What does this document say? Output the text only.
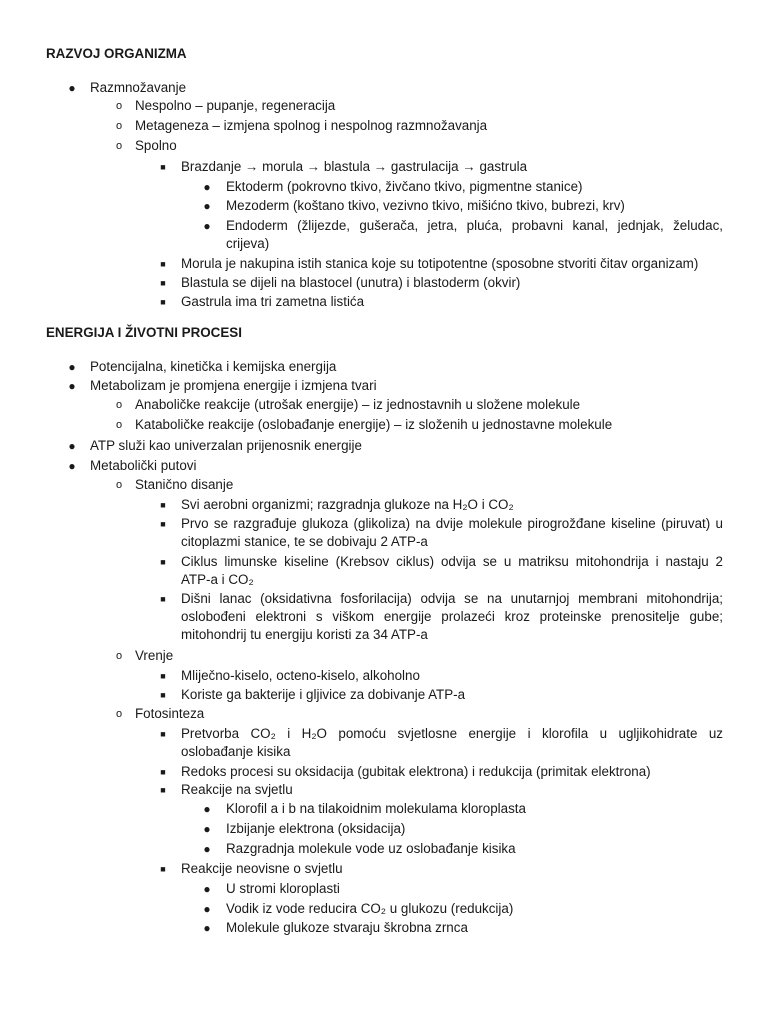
RAZVOJ ORGANIZMA
● Razmnožavanje
o Nespolno – pupanje, regeneracija
o Metageneza – izmjena spolnog i nespolnog razmnožavanja
o Spolno
■ Brazdanje → morula → blastula → gastrulacija → gastrula
● Ektoderm (pokrovno tkivo, živčano tkivo, pigmentne stanice)
● Mezoderm (koštano tkivo, vezivno tkivo, mišićno tkivo, bubrezi, krv)
● Endoderm (žlijezde, gušerača, jetra, pluća, probavni kanal, jednjak, želudac,
crijeva)
■ Morula je nakupina istih stanica koje su totipotentne (sposobne stvoriti čitav organizam)
■ Blastula se dijeli na blastocel (unutra) i blastoderm (okvir)
■ Gastrula ima tri zametna listića
ENERGIJA I ŽIVOTNI PROCESI
● Potencijalna, kinetička i kemijska energija
● Metabolizam je promjena energije i izmjena tvari
o Anaboličke reakcije (utrošak energije) – iz jednostavnih u složene molekule
o Kataboličke reakcije (oslobađanje energije) – iz složenih u jednostavne molekule
● ATP služi kao univerzalan prijenosnik energije
● Metabolički putovi
o Stanično disanje
■ Svi aerobni organizmi; razgradnja glukoze na H₂O i CO₂
■ Prvo se razgrađuje glukoza (glikoliza) na dvije molekule pirogrožđane kiseline (piruvat) u
citoplazmi stanice, te se dobivaju 2 ATP-a
■ Ciklus limunske kiseline (Krebsov ciklus) odvija se u matriksu mitohondrija i nastaju 2
ATP-a i CO₂
■ Dišni lanac (oksidativna fosforilacija) odvija se na unutarnjoj membrani mitohondrija;
oslobođeni elektroni s viškom energije prolazeći kroz proteinske prenositelje gube;
mitohondrij tu energiju koristi za 34 ATP-a
o Vrenje
■ Mliječno-kiselo, octeno-kiselo, alkoholno
■ Koriste ga bakterije i gljivice za dobivanje ATP-a
o Fotosinteza
■ Pretvorba CO₂ i H₂O pomoću svjetlosne energije i klorofila u ugljikohidrate uz
oslobađanje kisika
■ Redoks procesi su oksidacija (gubitak elektrona) i redukcija (primitak elektrona)
■ Reakcije na svjetlu
● Klorofil a i b na tilakoidnim molekulama kloroplasta
● Izbijanje elektrona (oksidacija)
● Razgradnja molekule vode uz oslobađanje kisika
■ Reakcije neovisne o svjetlu
● U stromi kloroplasti
● Vodik iz vode reducira CO₂ u glukozu (redukcija)
● Molekule glukoze stvaraju škrobna zrnca
